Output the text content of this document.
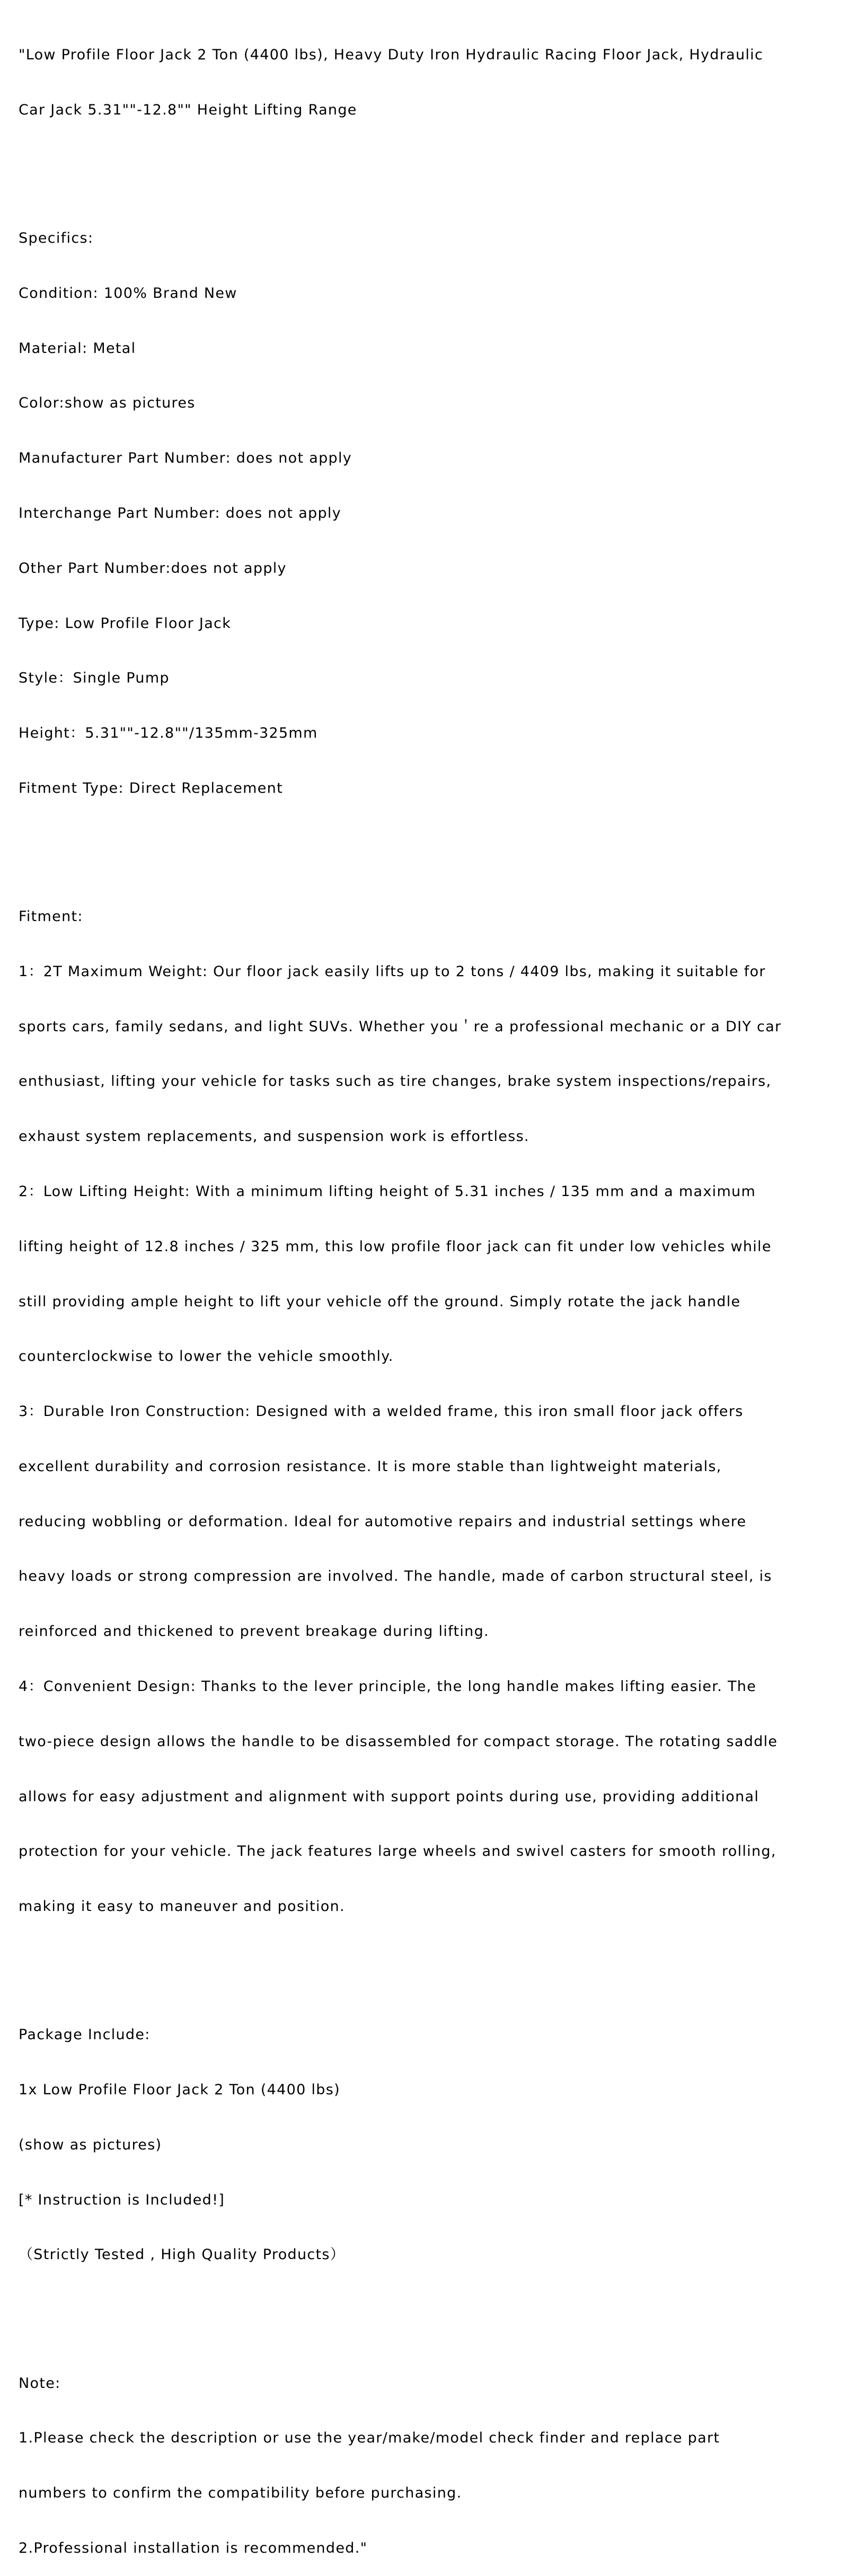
"Low Profile Floor Jack 2 Ton (4400 lbs), Heavy Duty Iron Hydraulic Racing Floor Jack, Hydraulic

Car Jack 5.31""-12.8"" Height Lifting Range

Specifics:

Condition: 100% Brand New

Material: Metal

Color:show as pictures

Manufacturer Part Number: does not apply

Interchange Part Number: does not apply

Other Part Number:does not apply

Type: Low Profile Floor Jack

Style：Single Pump

Height：5.31""-12.8""/135mm-325mm

Fitment Type: Direct Replacement

Fitment:

1：2T Maximum Weight: Our floor jack easily lifts up to 2 tons / 4409 lbs, making it suitable for

sports cars, family sedans, and light SUVs. Whether you＇re a professional mechanic or a DIY car

enthusiast, lifting your vehicle for tasks such as tire changes, brake system inspections/repairs,

exhaust system replacements, and suspension work is effortless.

2：Low Lifting Height: With a minimum lifting height of 5.31 inches / 135 mm and a maximum

lifting height of 12.8 inches / 325 mm, this low profile floor jack can fit under low vehicles while

still providing ample height to lift your vehicle off the ground. Simply rotate the jack handle

counterclockwise to lower the vehicle smoothly.

3：Durable Iron Construction: Designed with a welded frame, this iron small floor jack offers

excellent durability and corrosion resistance. It is more stable than lightweight materials,

reducing wobbling or deformation. Ideal for automotive repairs and industrial settings where

heavy loads or strong compression are involved. The handle, made of carbon structural steel, is

reinforced and thickened to prevent breakage during lifting.

4：Convenient Design: Thanks to the lever principle, the long handle makes lifting easier. The

two-piece design allows the handle to be disassembled for compact storage. The rotating saddle

allows for easy adjustment and alignment with support points during use, providing additional

protection for your vehicle. The jack features large wheels and swivel casters for smooth rolling,

making it easy to maneuver and position.

Package Include:

1x Low Profile Floor Jack 2 Ton (4400 lbs)

(show as pictures)

[* Instruction is Included!]

（Strictly Tested , High Quality Products）

Note:

1.Please check the description or use the year/make/model check finder and replace part

numbers to confirm the compatibility before purchasing.

2.Professional installation is recommended."
